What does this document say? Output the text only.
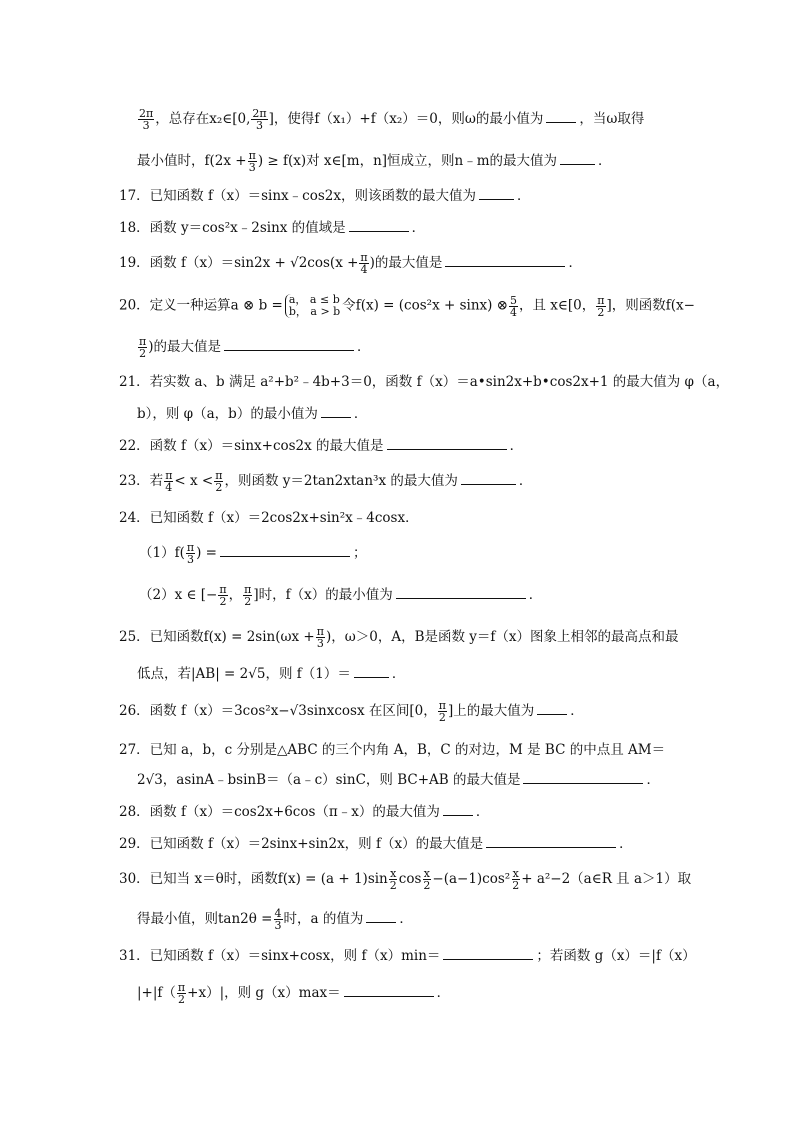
$\frac{2\pi}{3}$ ，总存在x₂∈[0, $\frac{2\pi}{3}$ ]，使得f（x₁）+f（x₂）＝0，则ω的最小值为	，当ω取得
最小值时，$f(2x + \frac{\pi}{3}$ ) ≥ f(x)对 x∈[m，n]恒成立，则n﹣m的最大值为	．
17．已知函数 f（x）＝sinx﹣cos2x，则该函数的最大值为	．
18．函数 y＝cos²x﹣2sinx 的值域是	．
19．函数 $f(x)=\sin 2x + √2\cos(x + \frac{\pi}{4}$ )的最大值是	．
20．定义一种运算a ⊗ b = a， a ≤ b
b， a > b 令f(x) = (cos²x + sinx) ⊗ $\frac{5}{4}$ ，且 x∈[0， $\frac{\pi}{2}$ ]，则函数f(x−
$\frac{\pi}{2}$ )的最大值是	．
21．若实数 a、b 满足 a²+b²﹣4b+3＝0，函数 f（x）＝a•sin2x+b•cos2x+1 的最大值为 φ（a，
b），则 φ（a，b）的最小值为	．
22．函数 f（x）＝sinx+cos2x 的最大值是	．
23．若 $\frac{\pi}{4} < x < \frac{\pi}{2}$ ，则函数 y＝2tan2xtan³x 的最大值为	．
24．已知函数 f（x）＝2cos2x+sin²x﹣4cosx．
$(1)f( \frac{\pi}{3}$ ) =	；
（2）x ∈ [− $\frac{\pi}{2}$ ， $\frac{\pi}{2}$ ]时，f（x）的最小值为	．
25．已知函数$f(x) = 2\sin(\omega x + \frac{\pi}{3}$ )，ω＞0，A，B是函数 y＝f（x）图象上相邻的最高点和最
低点，若|AB| = 2√5，则 f（1）＝	．
26．函数 f（x）＝3cos²x−√3sinxcosx 在区间[0， $\frac{\pi}{2}$ ]上的最大值为	．
27．已知 a，b，c 分别是△ABC 的三个内角 A，B，C 的对边，M 是 BC 的中点且 AM＝
2√3，asinA﹣bsinB＝（a﹣c）sinC，则 BC+AB 的最大值是	．
28．函数 f（x）＝cos2x+6cos（π﹣x）的最大值为	．
29．已知函数 f（x）＝2sinx+sin2x，则 f（x）的最大值是	．
30．已知当 x＝θ时，函数$f(x) = (a + 1)\sin \frac{x}{2}$ $\cos \frac{x}{2} -(a-1)\cos^2 \frac{x}{2}$ + a²−2（a∈R 且 a＞1）取
得最小值，则$\tan 2\theta = \frac{4}{3}$ 时，a 的值为	．
31．已知函数 f（x）＝sinx+cosx，则 f（x）min＝	；若函数 g（x）＝|f（x）
$|+|f( \frac{\pi}{2} +x)|$，则 g（x）max＝	．
